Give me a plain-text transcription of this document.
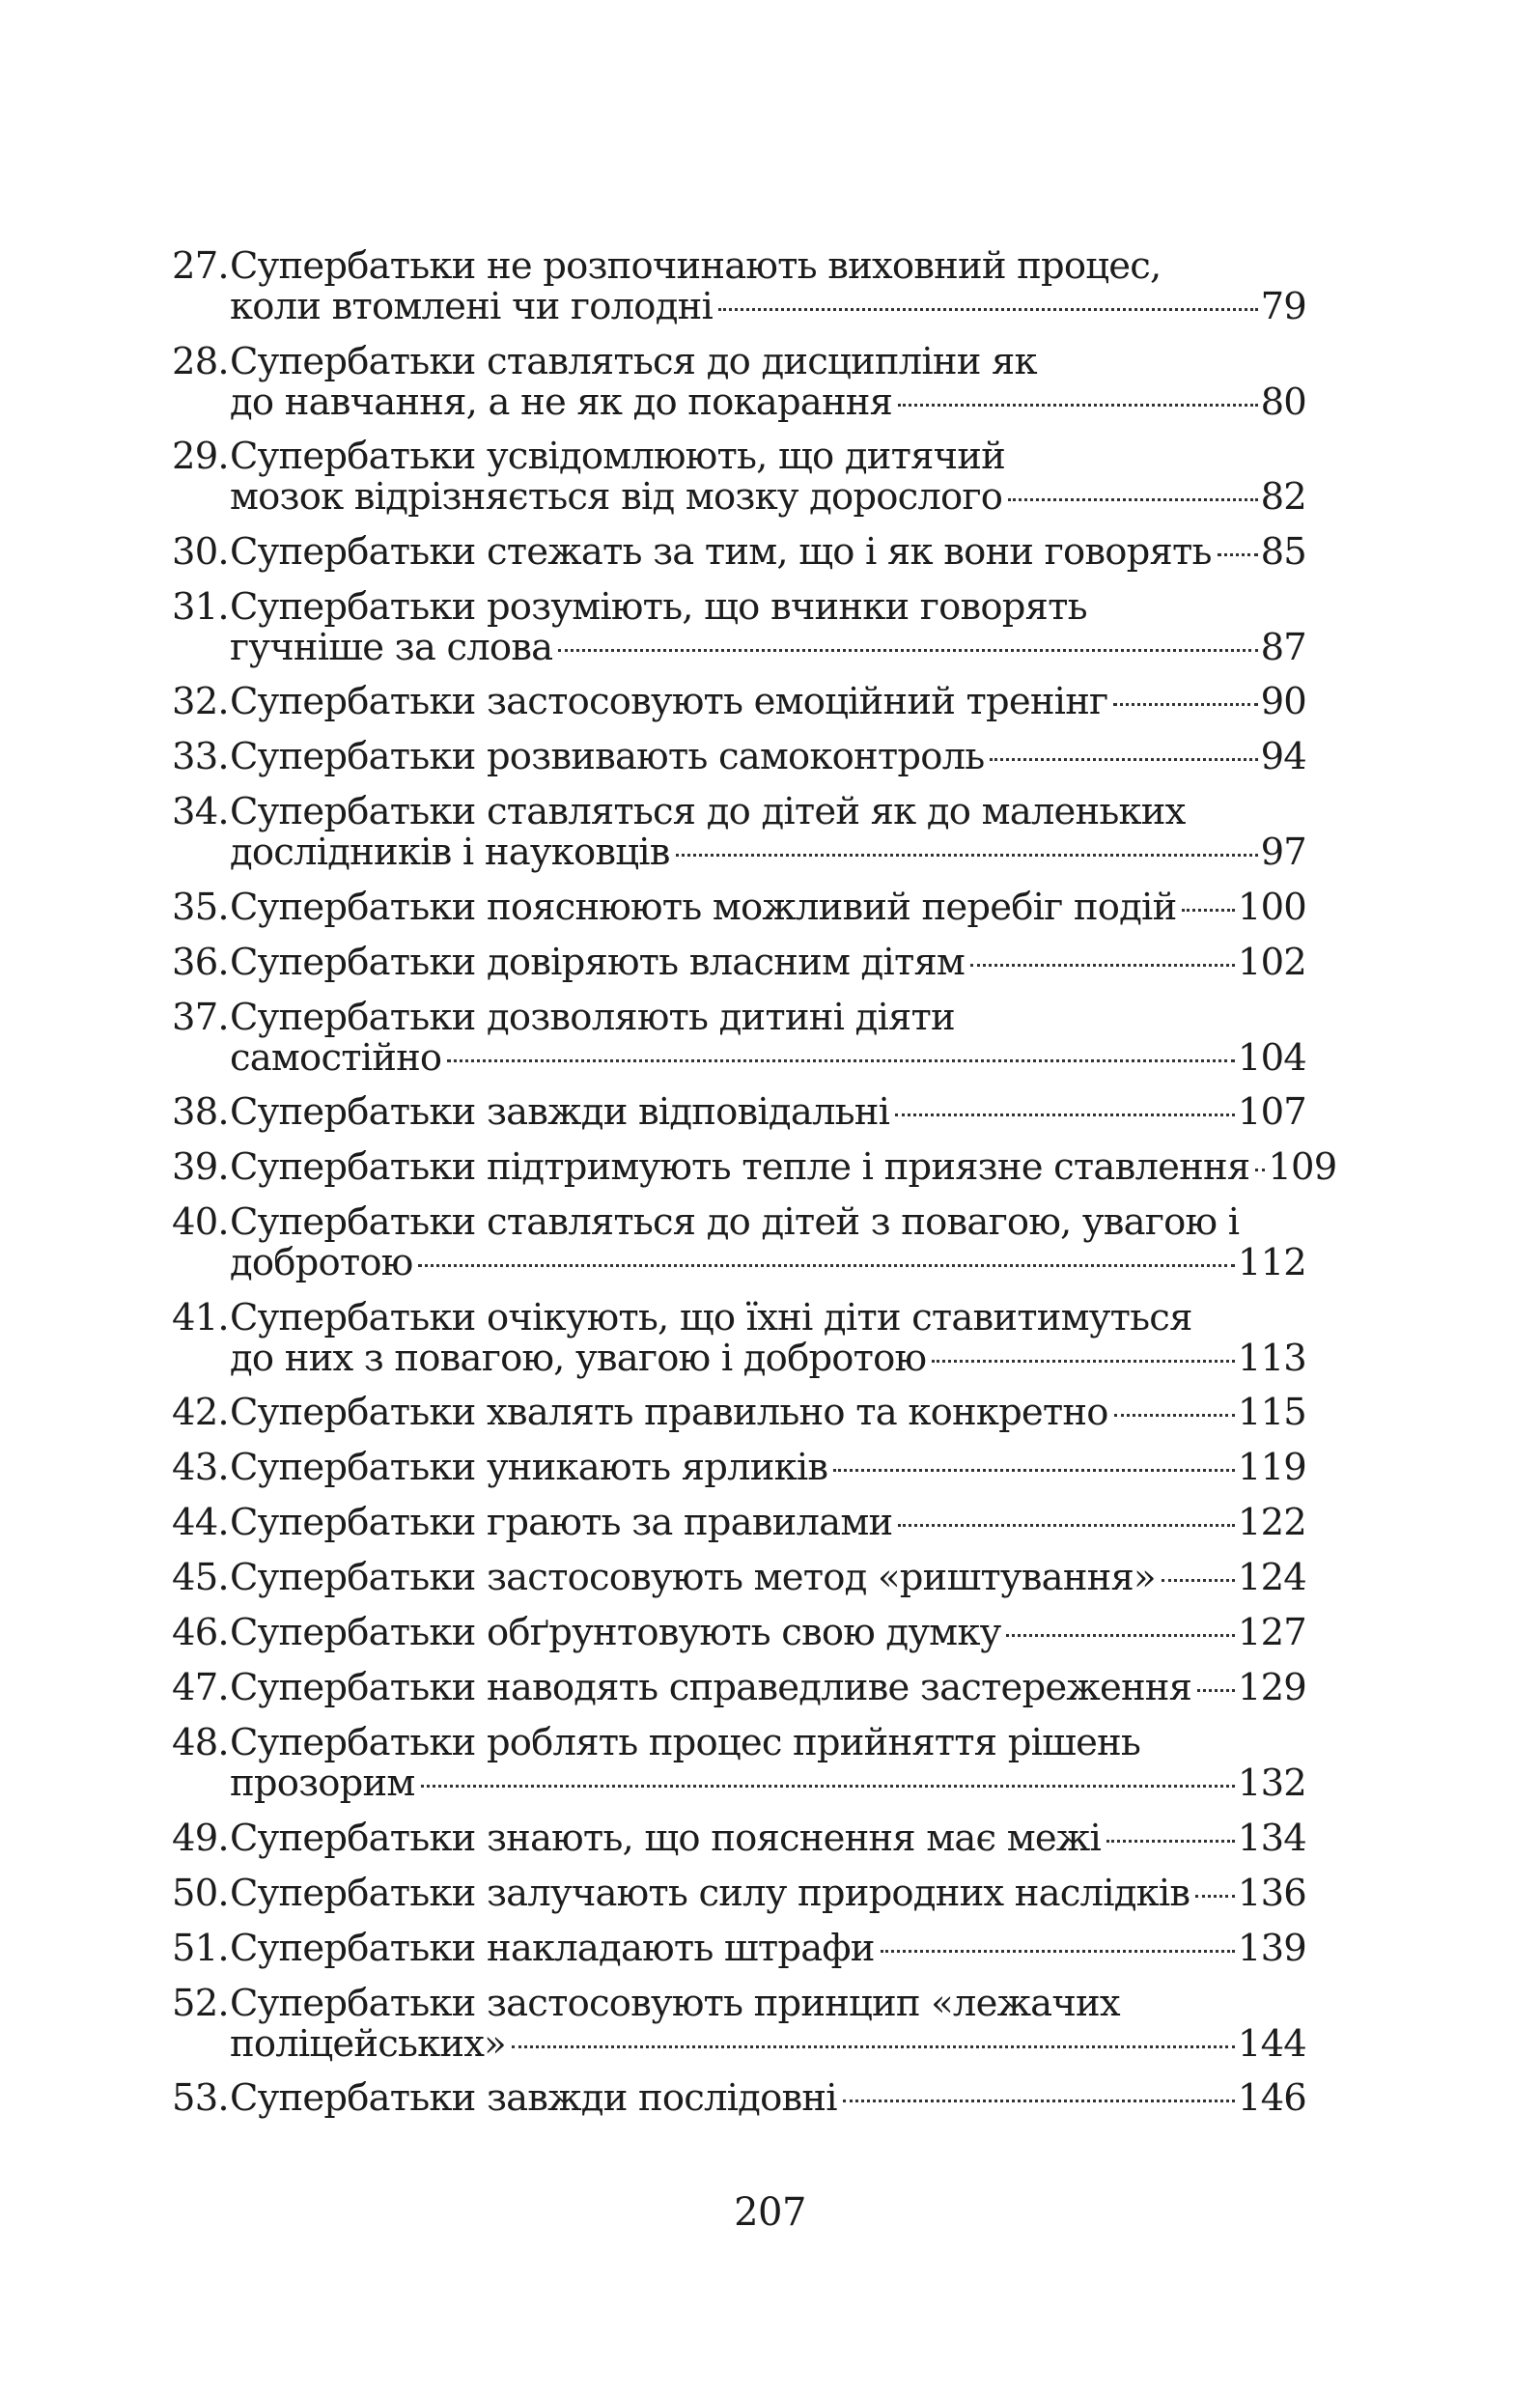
27. Супербатьки не розпочинають виховний процес,
коли втомлені чи голодні	79
28. Супербатьки ставляться до дисципліни як
до навчання, а не як до покарання	80
29. Супербатьки усвідомлюють, що дитячий
мозок відрізняється від мозку дорослого	82
30. Супербатьки стежать за тим, що і як вони говорять 85
31. Супербатьки розуміють, що вчинки говорять
гучніше за слова	87
32. Супербатьки застосовують емоційний тренінг	90
33. Супербатьки розвивають самоконтроль	94
34. Супербатьки ставляться до дітей як до маленьких
дослідників і науковців	97
35. Супербатьки пояснюють можливий перебіг подій 100
36. Супербатьки довіряють власним дітям	102
37. Супербатьки дозволяють дитині діяти
самостійно	104
38. Супербатьки завжди відповідальні	107
39. Супербатьки підтримують тепле і приязне ставлення 109
40. Супербатьки ставляться до дітей з повагою, увагою і
добротою	112
41. Супербатьки очікують, що їхні діти ставитимуться
до них з повагою, увагою і добротою	113
42. Супербатьки хвалять правильно та конкретно	115
43. Супербатьки уникають ярликів	119
44. Супербатьки грають за правилами	122
45. Супербатьки застосовують метод «риштування» 124
46. Супербатьки обґрунтовують свою думку	127
47. Супербатьки наводять справедливе застереження 129
48. Супербатьки роблять процес прийняття рішень
прозорим	132
49. Супербатьки знають, що пояснення має межі	134
50. Супербатьки залучають силу природних наслідків 136
51. Супербатьки накладають штрафи	139
52. Супербатьки застосовують принцип «лежачих
поліцейських»	144
53. Супербатьки завжди послідовні	146
207
